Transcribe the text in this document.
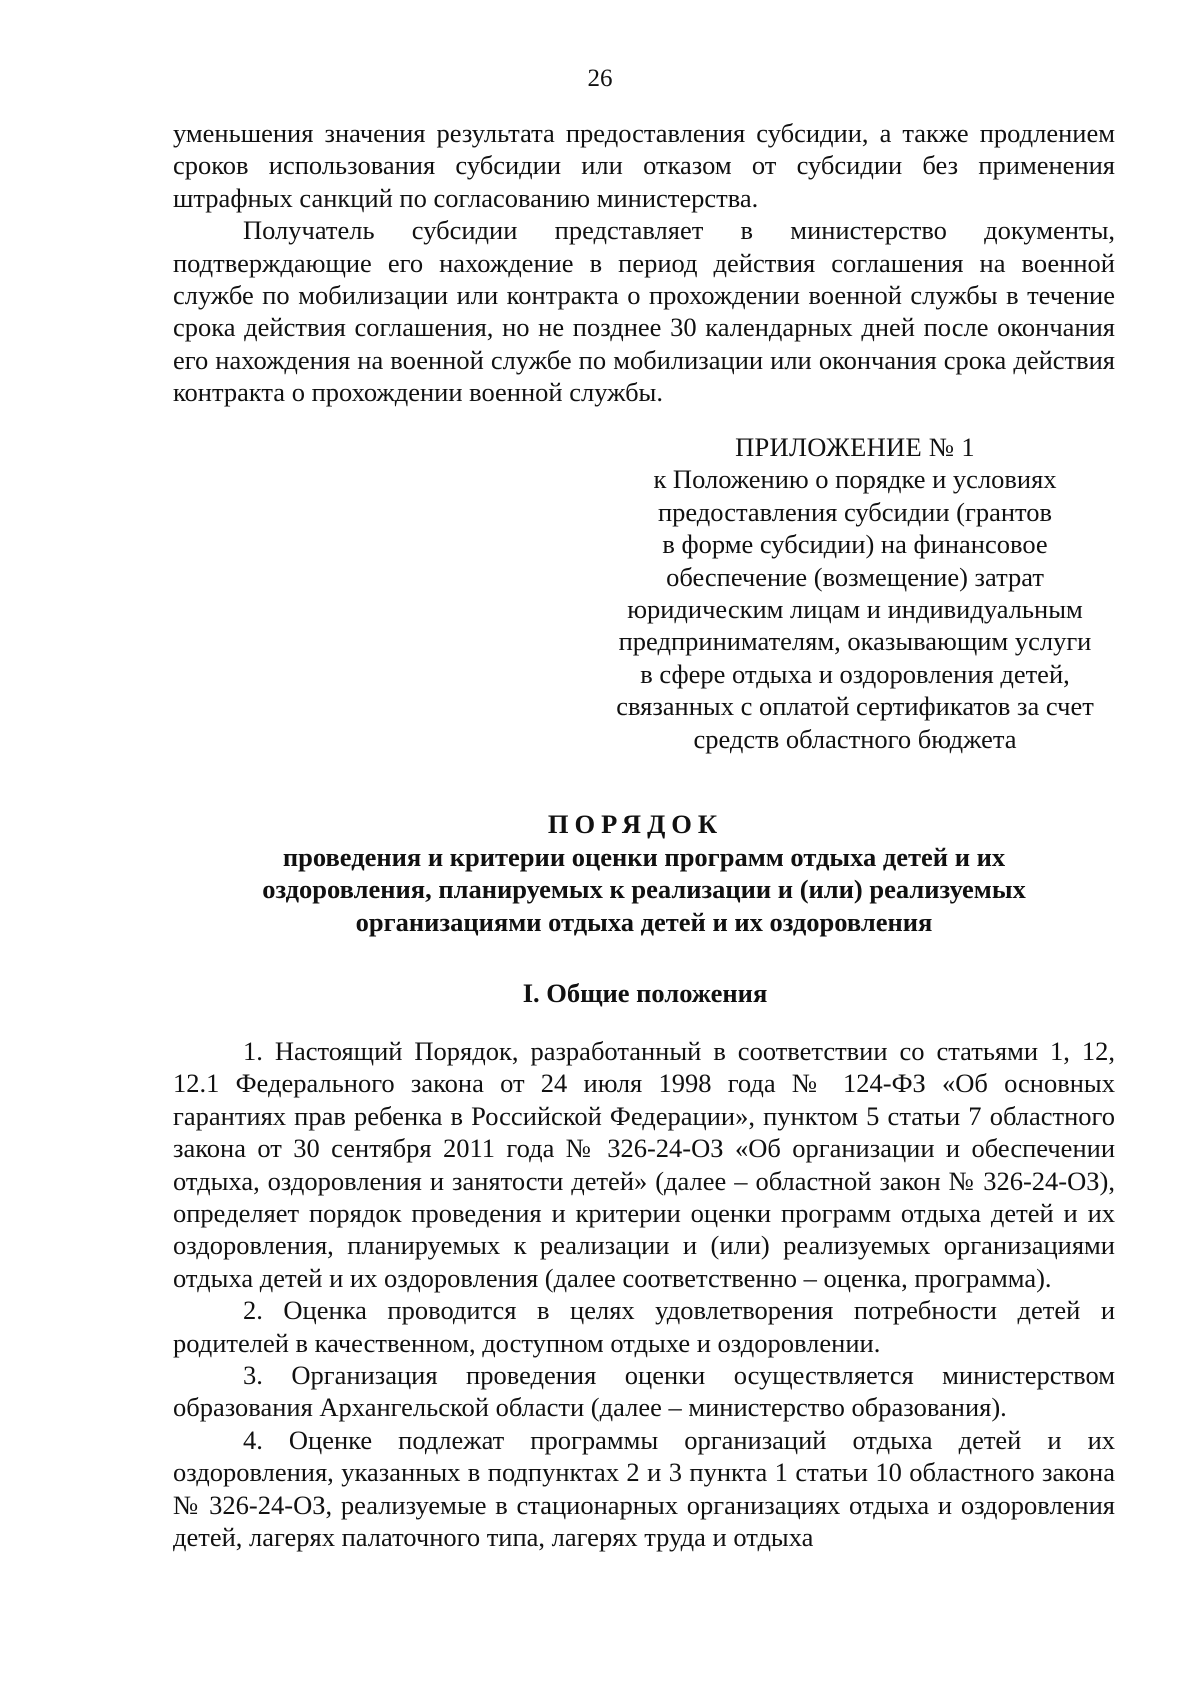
26

уменьшения значения результата предоставления субсидии, а также продлением сроков использования субсидии или отказом от субсидии без применения штрафных санкций по согласованию министерства.

Получатель субсидии представляет в министерство документы, подтверждающие его нахождение в период действия соглашения на военной службе по мобилизации или контракта о прохождении военной службы в течение срока действия соглашения, но не позднее 30 календарных дней после окончания его нахождения на военной службе по мобилизации или окончания срока действия контракта о прохождении военной службы.

ПРИЛОЖЕНИЕ № 1
к Положению о порядке и условиях
предоставления субсидии (грантов
в форме субсидии) на финансовое
обеспечение (возмещение) затрат
юридическим лицам и индивидуальным
предпринимателям, оказывающим услуги
в сфере отдыха и оздоровления детей,
связанных с оплатой сертификатов за счет
средств областного бюджета
ПОРЯДОК
проведения и критерии оценки программ отдыха детей и их
оздоровления, планируемых к реализации и (или) реализуемых
организациями отдыха детей и их оздоровления
I. Общие положения

1. Настоящий Порядок, разработанный в соответствии со статьями 1, 12, 12.1 Федерального закона от 24 июля 1998 года № 124-ФЗ «Об основных гарантиях прав ребенка в Российской Федерации», пунктом 5 статьи 7 областного закона от 30 сентября 2011 года № 326-24-ОЗ «Об организации и обеспечении отдыха, оздоровления и занятости детей» (далее – областной закон № 326-24-ОЗ), определяет порядок проведения и критерии оценки программ отдыха детей и их оздоровления, планируемых к реализации и (или) реализуемых организациями отдыха детей и их оздоровления (далее соответственно – оценка, программа).

2. Оценка проводится в целях удовлетворения потребности детей и родителей в качественном, доступном отдыхе и оздоровлении.

3. Организация проведения оценки осуществляется министерством образования Архангельской области (далее – министерство образования).

4. Оценке подлежат программы организаций отдыха детей и их оздоровления, указанных в подпунктах 2 и 3 пункта 1 статьи 10 областного закона № 326-24-ОЗ, реализуемые в стационарных организациях отдыха и оздоровления детей, лагерях палаточного типа, лагерях труда и отдыха
